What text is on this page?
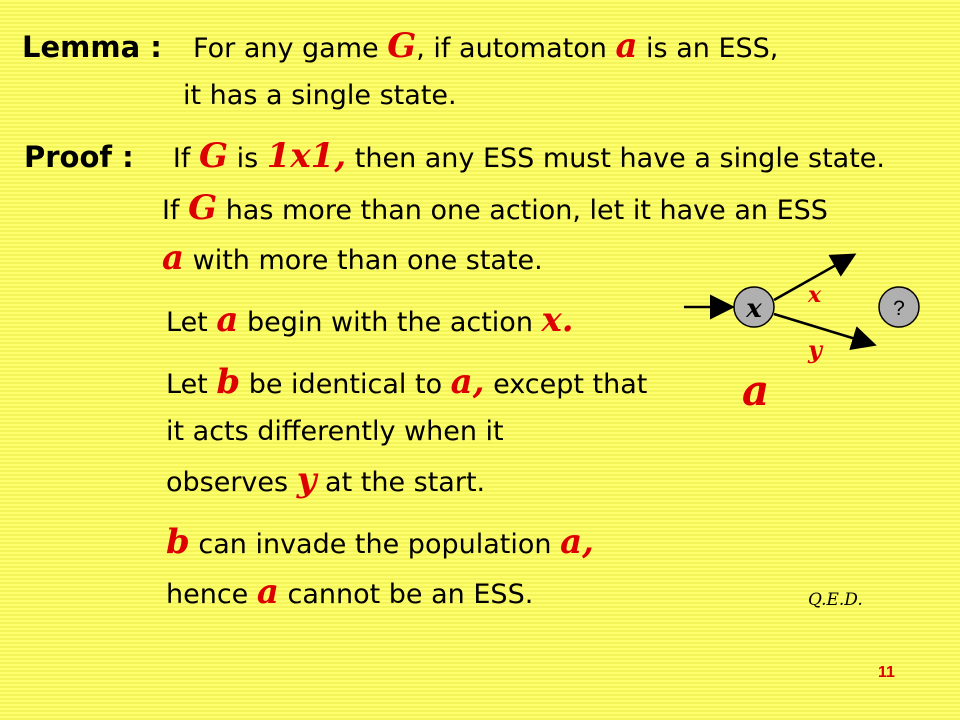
Lemma : For any game G, if automaton a is an ESS,
it has a single state.
Proof : If G is 1x1, then any ESS must have a single state.
If G has more than one action, let it have an ESS
a with more than one state.
Let a begin with the action x.
Let b be identical to a, except that
it acts differently when it
observes y at the start.
b can invade the population a,
hence a cannot be an ESS.
x	?
x
y
a
Q.E.D.
11
